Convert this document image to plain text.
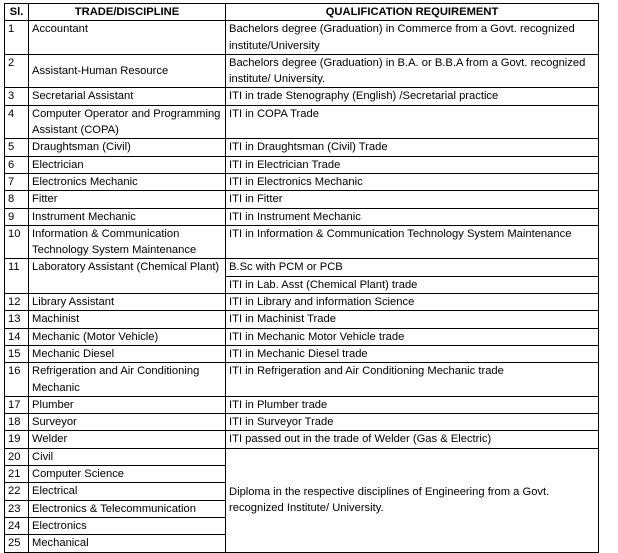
Sl.	TRADE/DISCIPLINE	QUALIFICATION REQUIREMENT
1	Accountant	Bachelors degree (Graduation) in Commerce from a Govt. recognized institute/University
2	Assistant-Human Resource	Bachelors degree (Graduation) in B.A. or B.B.A from a Govt. recognized institute/ University.
3	Secretarial Assistant	ITI in trade Stenography (English) /Secretarial practice
4	Computer Operator and Programming Assistant (COPA)	ITI in COPA Trade
5	Draughtsman (Civil)	ITI in Draughtsman (Civil) Trade
6	Electrician	ITI in Electrician Trade
7	Electronics Mechanic	ITI in Electronics Mechanic
8	Fitter	ITI in Fitter
9	Instrument Mechanic	ITI in Instrument Mechanic
10	Information & Communication Technology System Maintenance	ITI in Information & Communication Technology System Maintenance
11	Laboratory Assistant (Chemical Plant)	B.Sc with PCM or PCB
		ITI in Lab. Asst (Chemical Plant) trade
12	Library Assistant	ITI in Library and information Science
13	Machinist	ITI in Machinist Trade
14	Mechanic (Motor Vehicle)	ITI in Mechanic Motor Vehicle trade
15	Mechanic Diesel	ITI in Mechanic Diesel trade
16	Refrigeration and Air Conditioning Mechanic	ITI in Refrigeration and Air Conditioning Mechanic trade
17	Plumber	ITI in Plumber trade
18	Surveyor	ITI in Surveyor Trade
19	Welder	ITI passed out in the trade of Welder (Gas & Electric)
20	Civil	Diploma in the respective disciplines of Engineering from a Govt. recognized Institute/ University.
21	Computer Science	
22	Electrical	
23	Electronics & Telecommunication	
24	Electronics	
25	Mechanical	
